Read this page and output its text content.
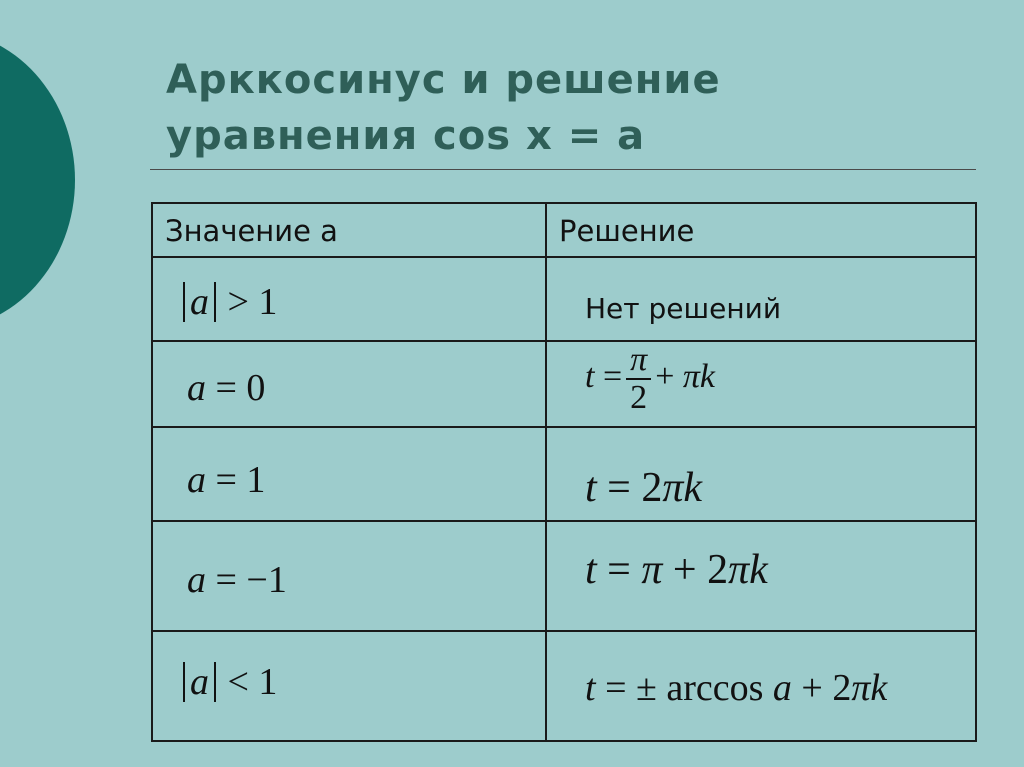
Арккосинус и решение
уравнения cos x = a
Значение a	Решение

a > 1	Нет решений

a = 0	$t = \frac{\pi}{2} + \pi k$

a = 1	t = 2πk

a = −1	t = π + 2πk

a < 1	t = ± arccos a + 2πk
